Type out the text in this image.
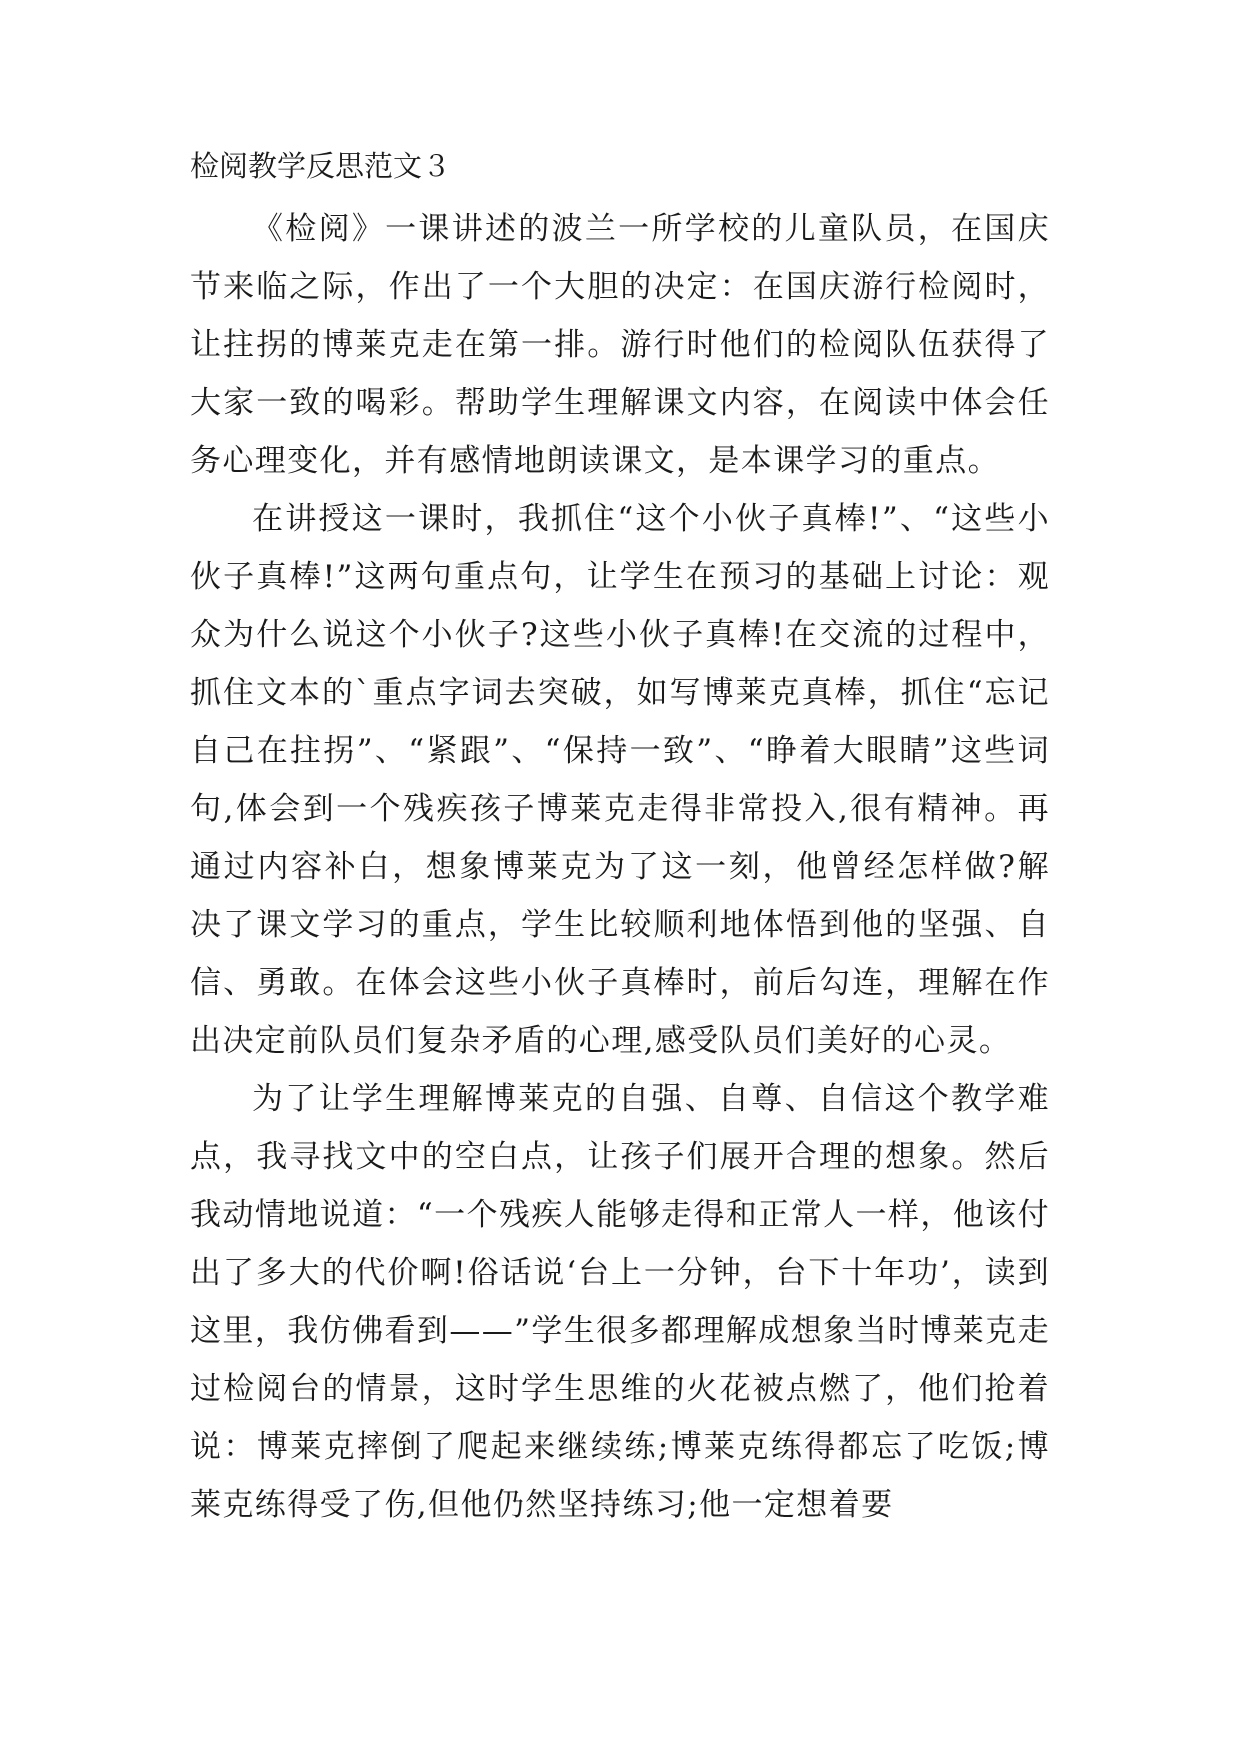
检阅教学反思范文３

《检阅》一课讲述的波兰一所学校的儿童队员，在国庆节来临之际，作出了一个大胆的决定：在国庆游行检阅时，让拄拐的博莱克走在第一排。游行时他们的检阅队伍获得了大家一致的喝彩。帮助学生理解课文内容，在阅读中体会任务心理变化，并有感情地朗读课文，是本课学习的重点。

在讲授这一课时，我抓住“这个小伙子真棒!”、“这些小伙子真棒!”这两句重点句，让学生在预习的基础上讨论：观众为什么说这个小伙子?这些小伙子真棒!在交流的过程中，抓住文本的`重点字词去突破，如写博莱克真棒，抓住“忘记自己在拄拐”、“紧跟”、“保持一致”、“睁着大眼睛”这些词句,体会到一个残疾孩子博莱克走得非常投入,很有精神。再通过内容补白，想象博莱克为了这一刻，他曾经怎样做?解决了课文学习的重点，学生比较顺利地体悟到他的坚强、自信、勇敢。在体会这些小伙子真棒时，前后勾连，理解在作出决定前队员们复杂矛盾的心理,感受队员们美好的心灵。

为了让学生理解博莱克的自强、自尊、自信这个教学难点，我寻找文中的空白点，让孩子们展开合理的想象。然后我动情地说道：“一个残疾人能够走得和正常人一样，他该付出了多大的代价啊!俗话说‘台上一分钟，台下十年功’，读到这里，我仿佛看到——”学生很多都理解成想象当时博莱克走过检阅台的情景，这时学生思维的火花被点燃了，他们抢着说：博莱克摔倒了爬起来继续练;博莱克练得都忘了吃饭;博莱克练得受了伤,但他仍然坚持练习;他一定想着要
